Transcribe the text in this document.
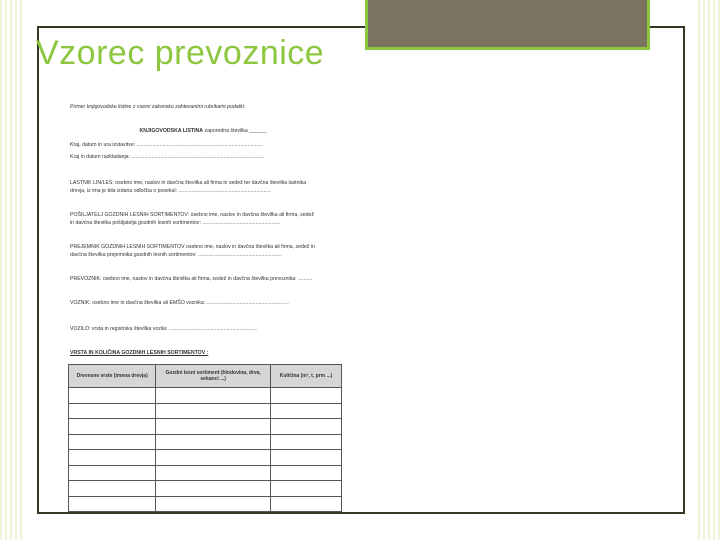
Vzorec prevoznice
Primer knjigovodske listine z vsemi zakonsko zahtevanimi rubrikami podatki:
KNJIGOVODSKA LISTINA zaporedna številka ______
Kraj, datum in ura izstavitve: .......................................................................................
Kraj in datum razkladanja: ............................................................................................
LASTNIK LIN/LES: osebno ime, naslov in davčna številka ali firma in sedež ter davčna številka lastnika
drevja, iz ima je bila izdana odločba o posekul: ................................................................
POŠILJATELJ GOZDNIH LESNIH SORTIMENTOV: osebno ime, naslov in davčna številka ali firma, sedež
in davčna številka pošiljatelja gozdnih lesnih sortimentov: ......................................................
PREJEMNIK GOZDNIH LESNIH SORTIMENTOV osebno ime, naslov in davčna številka ali firma, sedež in
davčna številka prejemnika gozdnih lesnih sortimentov: ..........................................................
PREVOZNIK: osebno ime, naslov in davčna številka ali firma, sedež in davčna številka prevoznika: ..........
VOZNIK: osebno ime in davčna številka ali EMŠO voznika: .........................................................
VOZILO: vrsta in registrska številka vozila: .............................................................
VRSTA IN KOLIČINA GOZDNIH LESNIH SORTIMENTOV :
Drevesne vrste (imena drevja)	Gozdni lesni sortiment (hlodovina, drva, sekanci ...)	Količina (m³, t, prm ...)
